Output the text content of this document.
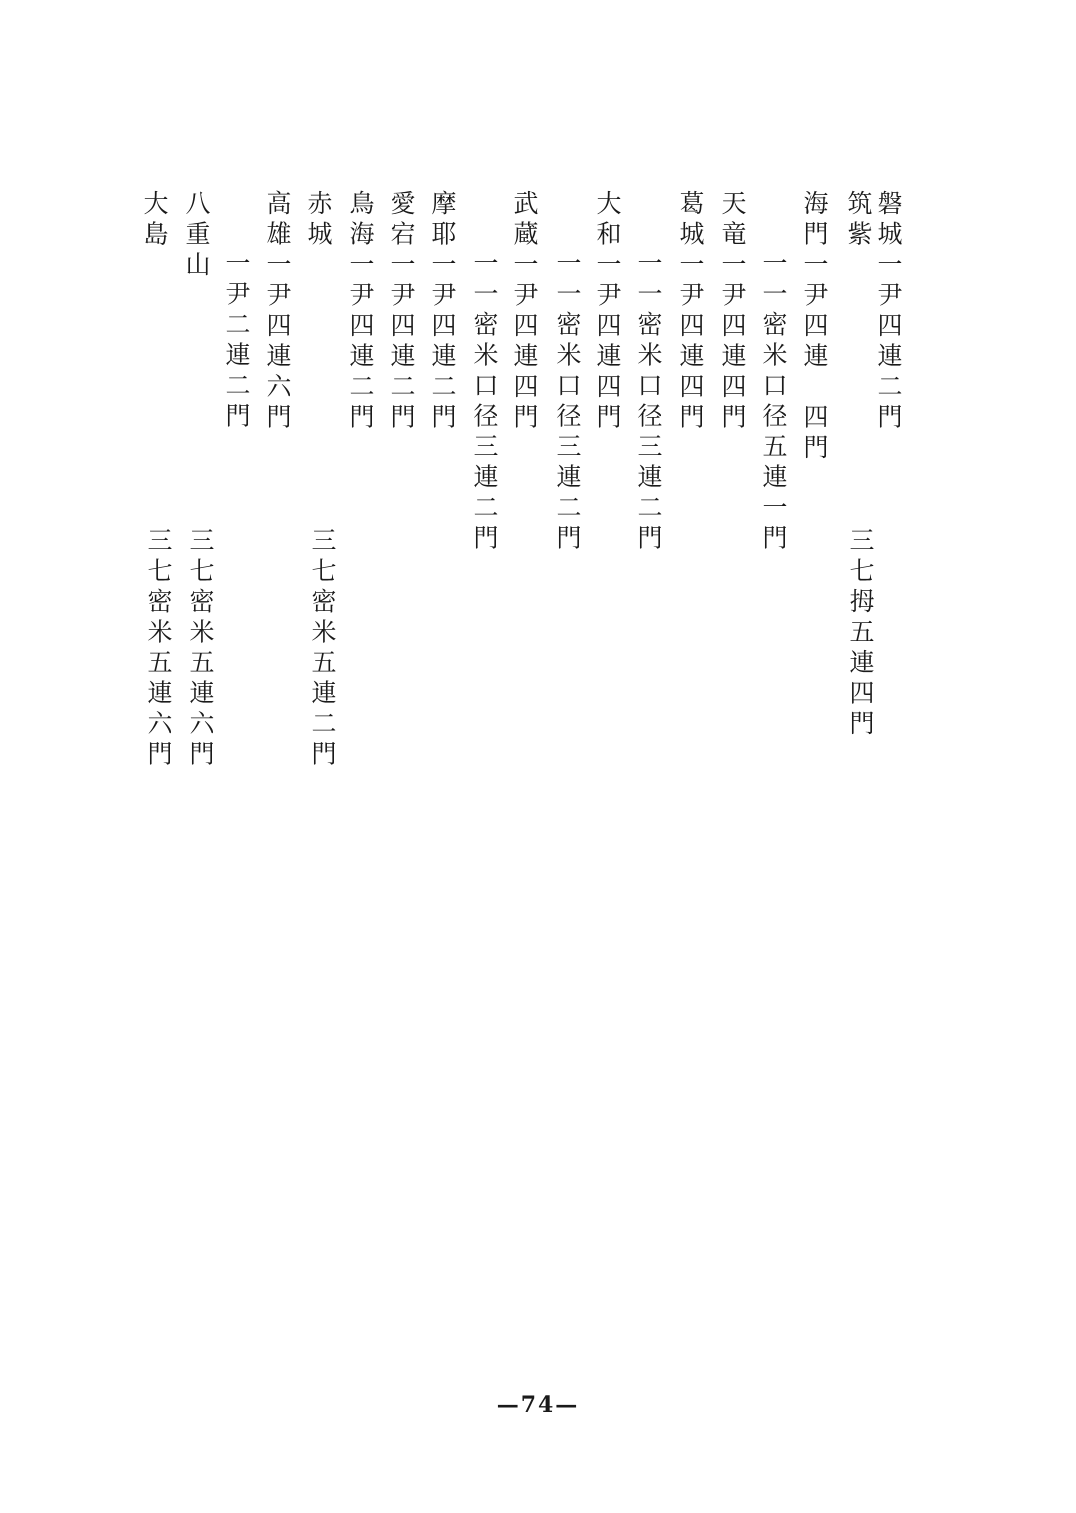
磐城一尹四連二門
筑紫
三七拇五連四門
海門一尹四連　四門
一一密米口径五連一門
天竜一尹四連四門
葛城一尹四連四門
一一密米口径三連二門
大和一尹四連四門
一一密米口径三連二門
武蔵一尹四連四門
一一密米口径三連二門
摩耶一尹四連二門
愛宕一尹四連二門
鳥海一尹四連二門
赤城
三七密米五連二門
高雄一尹四連六門
一尹二連二門
八重山
三七密米五連六門
大島
三七密米五連六門
—74—
